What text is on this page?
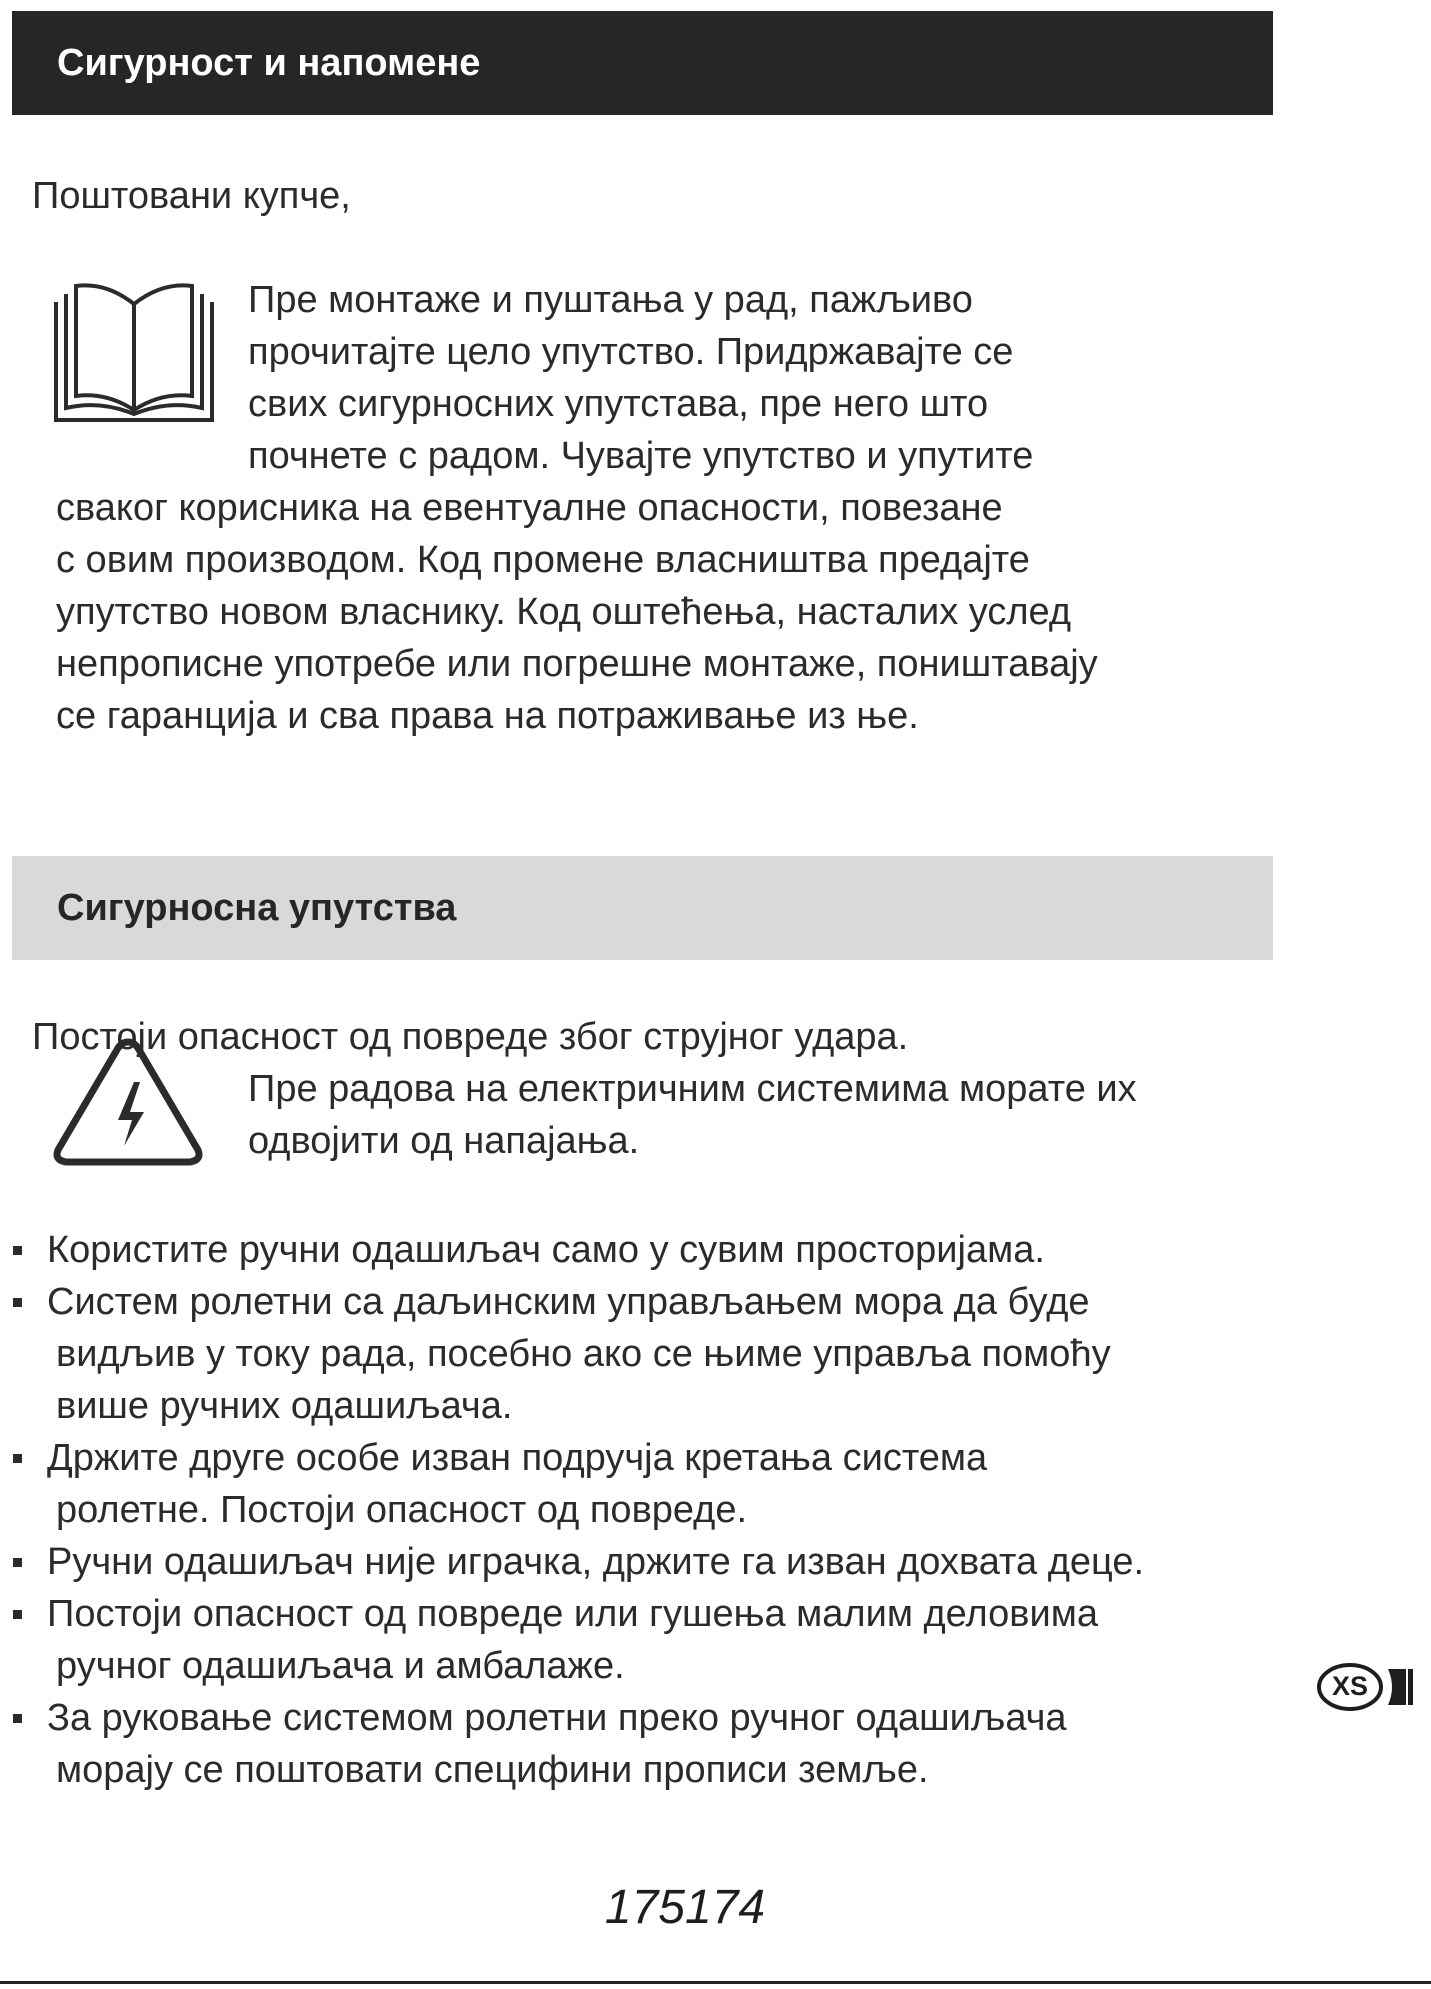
Сигурност и напомене
Поштовани купче,
Пре монтаже и пуштања у рад, пажљиво
прочитајте цело упутство. Придржавајте се
свих сигурносних упутстава, пре него што
почнете с радом. Чувајте упутство и упутите
сваког корисника на евентуалне опасности, повезане
с овим производом. Код промене власништва предајте
упутство новом власнику. Код оштећења, насталих услед
непрописне употребе или погрешне монтаже, поништавају
се гаранција и сва права на потраживање из ње.
Сигурносна упутства
Постоји опасност од повреде због струјног удара.
Пре радова на електричним системима морате их
одвојити од напајања.
Користите ручни одашиљач само у сувим просторијама.
Систем ролетни са даљинским управљањем мора да буде
видљив у току рада, посебно ако се њиме управља помоћу
више ручних одашиљача.
Држите друге особе изван подручја кретања система
ролетне. Постоји опасност од повреде.
Ручни одашиљач није играчка, држите га изван дохвата деце.
Постоји опасност од повреде или гушења малим деловима
ручног одашиљача и амбалаже.
За руковање системом ролетни преко ручног одашиљача
морају се поштовати специфини прописи земље.
XS
175174
